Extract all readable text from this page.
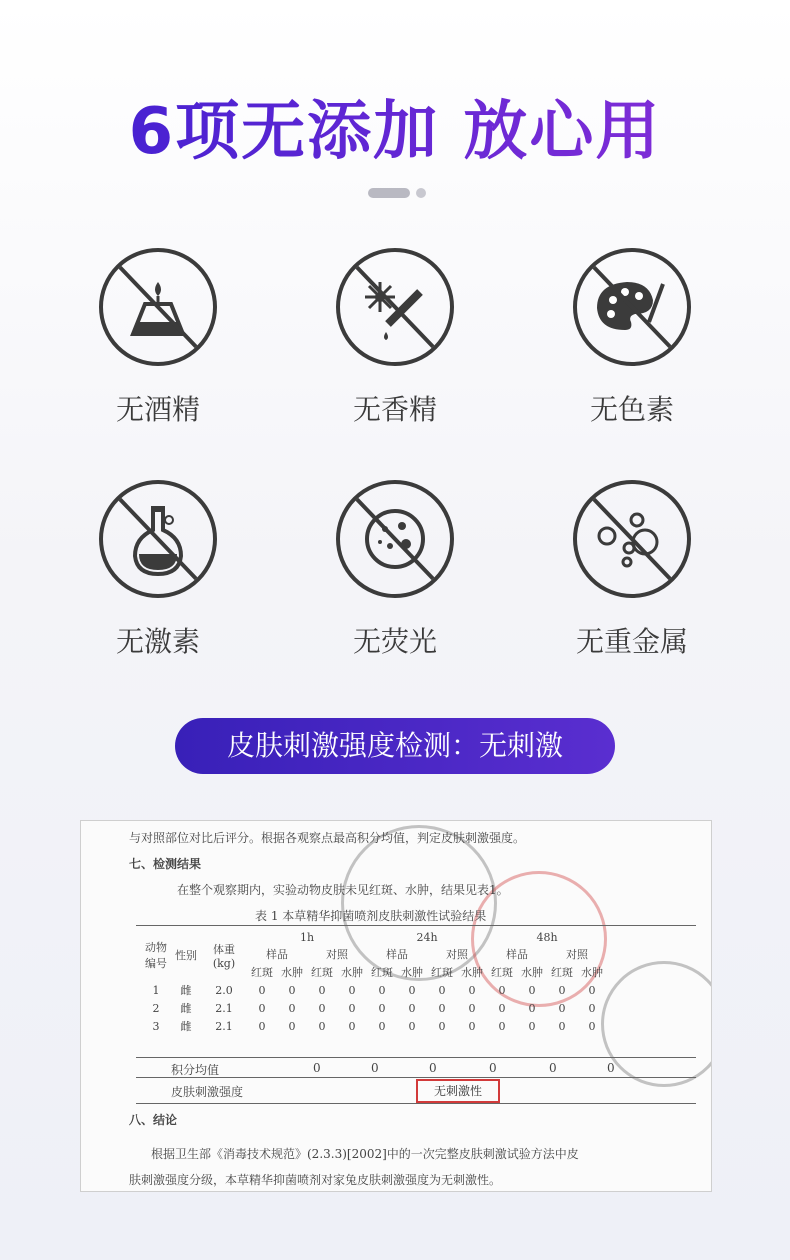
6项无添加 放心用
无酒精	无香精	无色素
无激素	无荧光	无重金属
皮肤刺激强度检测：无刺激
与对照部位对比后评分。根据各观察点最高积分均值，判定皮肤刺激强度。
七、检测结果
在整个观察期内，实验动物皮肤未见红斑、水肿，结果见表1。
表 1 本草精华抑菌喷剂皮肤刺激性试验结果
动物编号	性别	体重(kg)	1h				24h				48h			
			样品		对照		样品		对照		样品		对照	
			红斑	水肿	红斑	水肿	红斑	水肿	红斑	水肿	红斑	水肿	红斑	水肿
1	雌	2.0	0	0	0	0	0	0	0	0	0	0	0	0
2	雌	2.1	0	0	0	0	0	0	0	0	0	0	0	0
3	雌	2.1	0	0	0	0	0	0	0	0	0	0	0	0
积分均值	0	0	0	0	0	0
皮肤刺激强度	无刺激性
八、结论
根据卫生部《消毒技术规范》(2.3.3)[2002]中的一次完整皮肤刺激试验方法中皮
肤刺激强度分级，本草精华抑菌喷剂对家兔皮肤刺激强度为无刺激性。
